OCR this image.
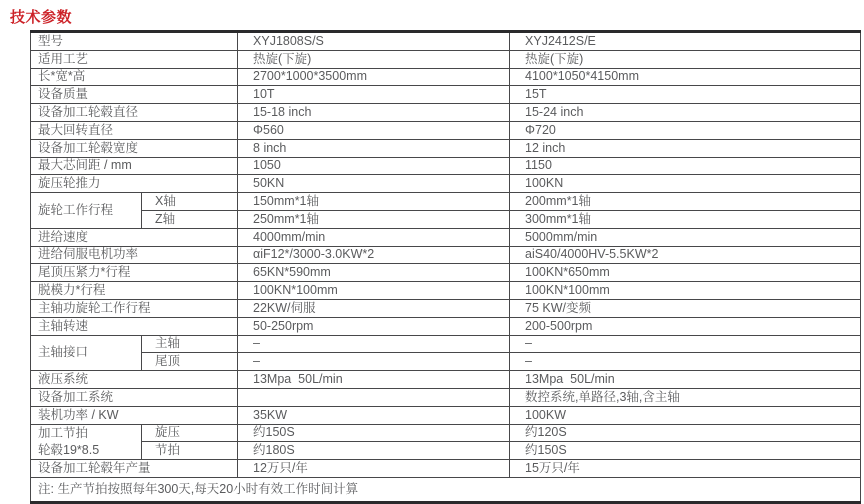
技术参数
型号		XYJ1808S/S	XYJ2412S/E
适用工艺		热旋(下旋)	热旋(下旋)
长*宽*高		2700*1000*3500mm	4100*1050*4150mm
设备质量		10T	15T
设备加工轮毂直径		15-18 inch	15-24 inch
最大回转直径		Φ560	Φ720
设备加工轮毂宽度		8 inch	12 inch
最大芯间距 / mm		1050	1150
旋压轮推力		50KN	100KN

旋轮工作行程	X轴	150mm*1轴	200mm*1轴
	Z轴	250mm*1轴	300mm*1轴
进给速度		4000mm/min	5000mm/min
进给伺服电机功率		αiF12*/3000-3.0KW*2	aiS40/4000HV-5.5KW*2
尾顶压紧力*行程		65KN*590mm	100KN*650mm
脱模力*行程		100KN*100mm	100KN*100mm
主轴功旋轮工作行程		22KW/伺服	75 KW/变频
主轴转速		50-250rpm	200-500rpm

主轴接口	主轴	–	–
	尾顶	–	–
液压系统		13Mpa  50L/min	13Mpa  50L/min
设备加工系统			数控系统,单路径,3轴,含主轴
装机功率 / KW		35KW	100KW

加工节拍
轮毂19*8.5	旋压	约150S	约120S
	节拍	约180S	约150S
设备加工轮毂年产量		12万只/年	15万只/年
注: 生产节拍按照每年300天,每天20小时有效工作时间计算			
